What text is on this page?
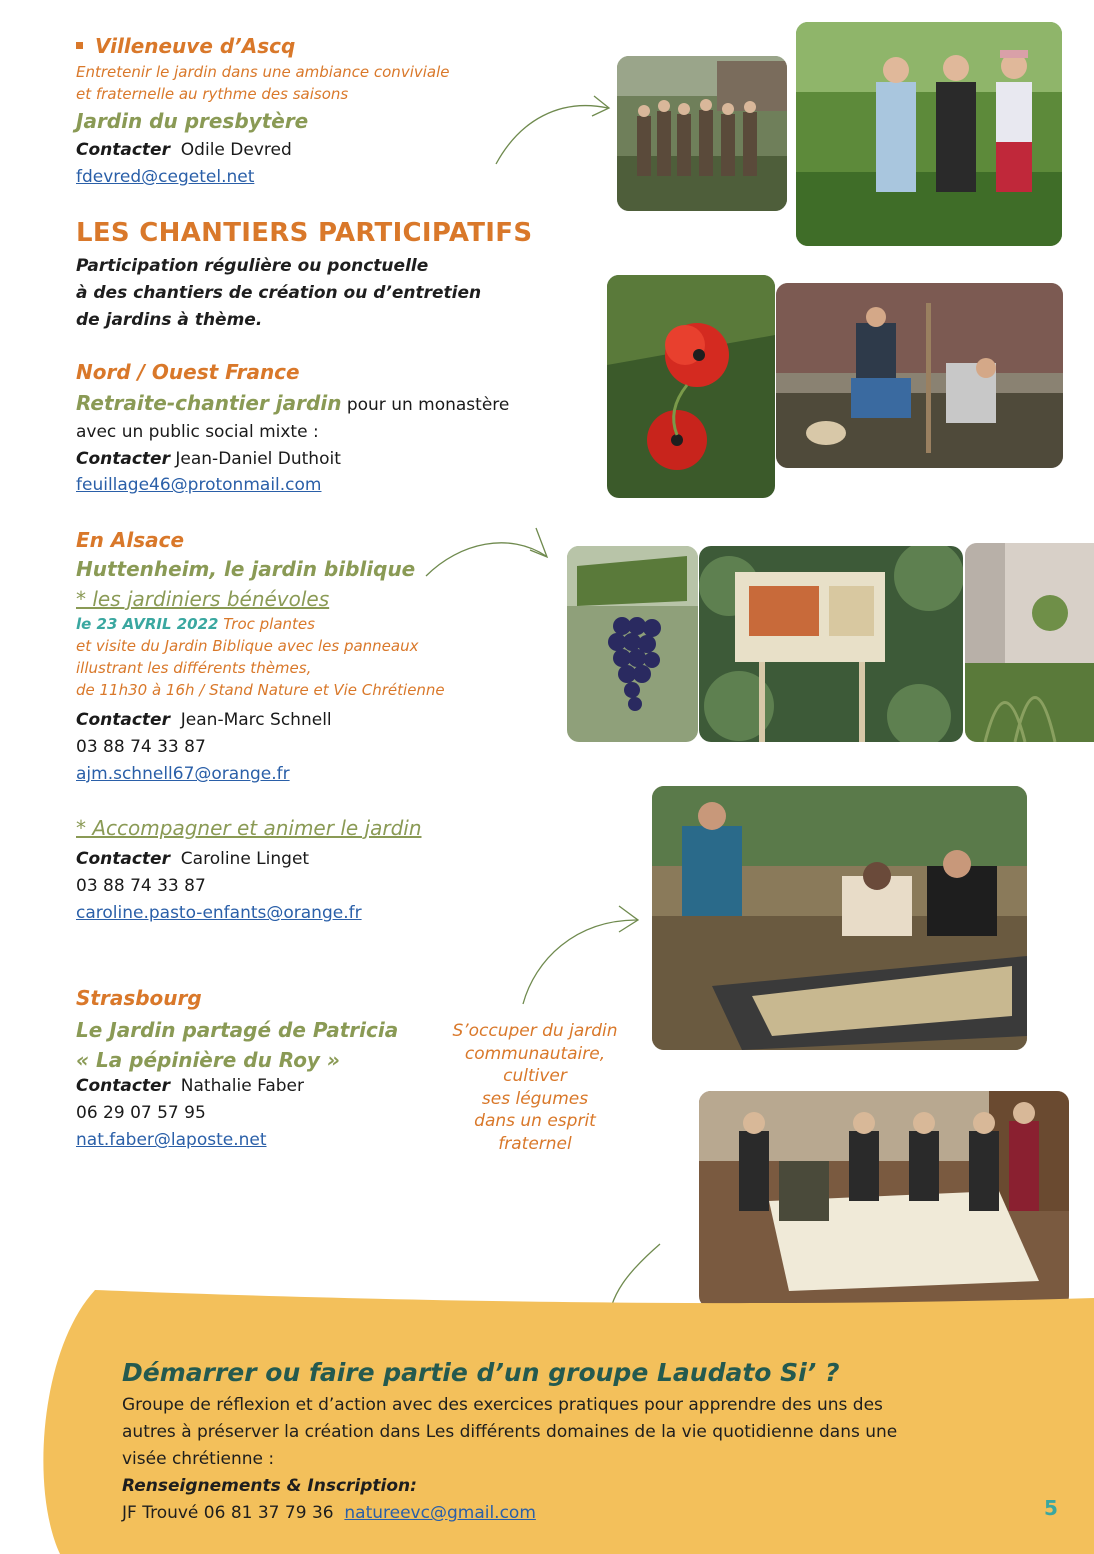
Villeneuve d’Ascq
Entretenir le jardin dans une ambiance conviviale
et fraternelle au rythme des saisons
Jardin du presbytère
Contacter Odile Devred
fdevred@cegetel.net
LES CHANTIERS PARTICIPATIFS
Participation régulière ou ponctuelle
à des chantiers de création ou d’entretien
de jardins à thème.
Nord / Ouest France
Retraite-chantier jardin pour un monastère
avec un public social mixte :
Contacter Jean-Daniel Duthoit
feuillage46@protonmail.com
En Alsace
Huttenheim, le jardin biblique
* les jardiniers bénévoles
le 23 AVRIL 2022 Troc plantes
et visite du Jardin Biblique avec les panneaux
illustrant les différents thèmes,
de 11h30 à 16h / Stand Nature et Vie Chrétienne
Contacter Jean-Marc Schnell
03 88 74 33 87
ajm.schnell67@orange.fr
* Accompagner et animer le jardin
Contacter Caroline Linget
03 88 74 33 87
caroline.pasto-enfants@orange.fr
Strasbourg
Le Jardin partagé de Patricia
« La pépinière du Roy »
Contacter Nathalie Faber
06 29 07 57 95
nat.faber@laposte.net
S’occuper du jardin
communautaire,
cultiver
ses légumes
dans un esprit
fraternel
Démarrer ou faire partie d’un groupe Laudato Si’ ?
Groupe de réflexion et d’action avec des exercices pratiques pour apprendre des uns des
autres à préserver la création dans Les différents domaines de la vie quotidienne dans une
visée chrétienne :
Renseignements & Inscription:
JF Trouvé 06 81 37 79 36 natureevc@gmail.com	5
